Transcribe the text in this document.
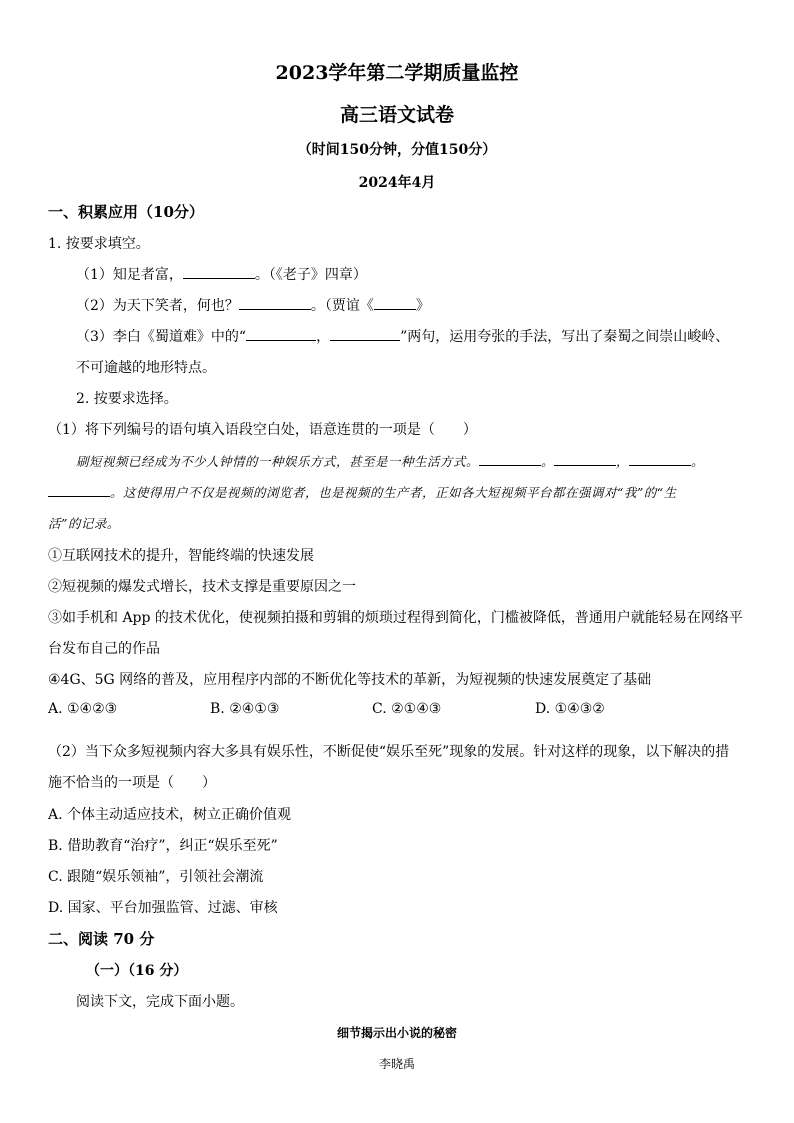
2023学年第二学期质量监控
高三语文试卷
（时间150分钟，分值150分）
2024年4月
一、积累应用（10分）
1. 按要求填空。
（1）知足者富，	。（《老子》四章）
（2）为天下笑者，何也？	。（贾谊《	》
（3）李白《蜀道难》中的“	，	”两句，运用夸张的手法，写出了秦蜀之间崇山峻岭、
不可逾越的地形特点。
2. 按要求选择。
（1）将下列编号的语句填入语段空白处，语意连贯的一项是（　　）
刷短视频已经成为不少人钟情的一种娱乐方式，甚至是一种生活方式。	。	，	。
。这使得用户不仅是视频的浏览者，也是视频的生产者，正如各大短视频平台都在强调对“我”的“生
活”的记录。
①互联网技术的提升，智能终端的快速发展
②短视频的爆发式增长，技术支撑是重要原因之一
③如手机和 App 的技术优化，使视频拍摄和剪辑的烦琐过程得到简化，门槛被降低，普通用户就能轻易在网络平
台发布自己的作品
④4G、5G 网络的普及，应用程序内部的不断优化等技术的革新，为短视频的快速发展奠定了基础
A. ①④②③	B. ②④①③	C. ②①④③	D. ①④③②
（2）当下众多短视频内容大多具有娱乐性，不断促使“娱乐至死”现象的发展。针对这样的现象，以下解决的措
施不恰当的一项是（　　）
A. 个体主动适应技术，树立正确价值观
B. 借助教育“治疗”，纠正“娱乐至死”
C. 跟随“娱乐领袖”，引领社会潮流
D. 国家、平台加强监管、过滤、审核
二、阅读 70 分
（一）（16 分）
阅读下文，完成下面小题。
细节揭示出小说的秘密
李晓禹
